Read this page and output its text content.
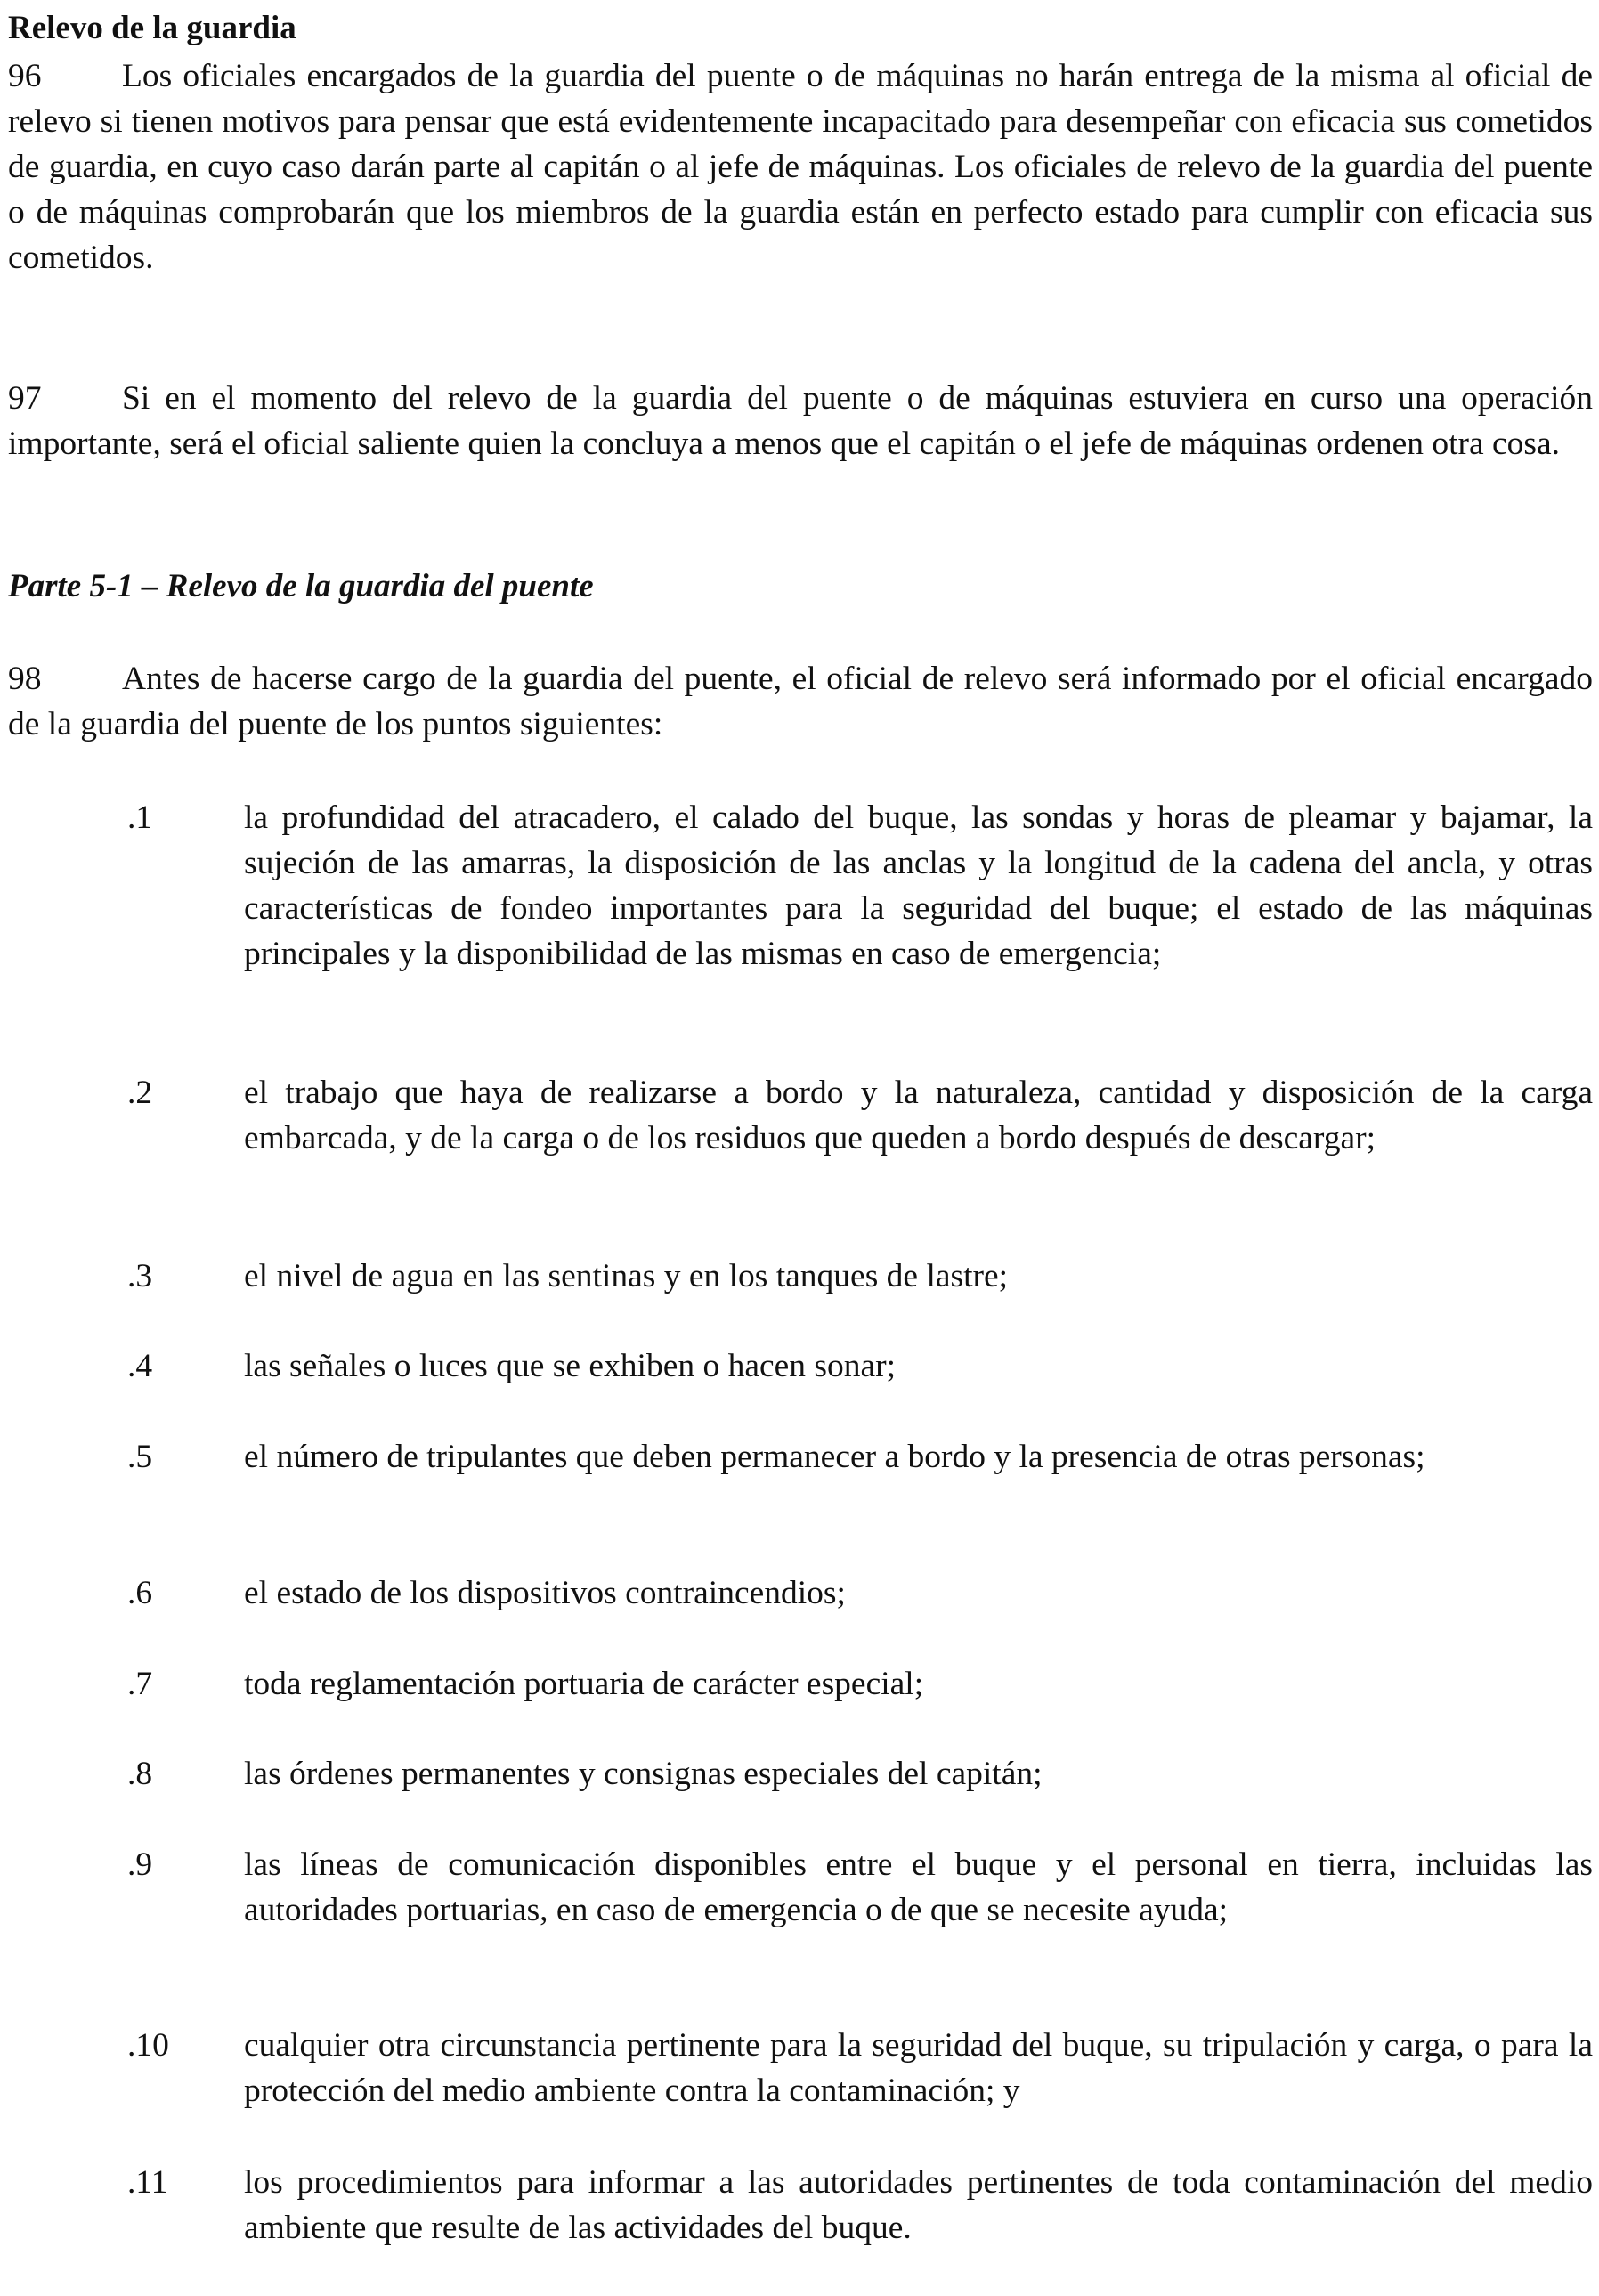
Relevo de la guardia

96 Los oficiales encargados de la guardia del puente o de máquinas no harán entrega de la misma al oficial de relevo si tienen motivos para pensar que está evidentemente incapacitado para desempeñar con eficacia sus cometidos de guardia, en cuyo caso darán parte al capitán o al jefe de máquinas. Los oficiales de relevo de la guardia del puente o de máquinas comprobarán que los miembros de la guardia están en perfecto estado para cumplir con eficacia sus cometidos.

97 Si en el momento del relevo de la guardia del puente o de máquinas estuviera en curso una operación importante, será el oficial saliente quien la concluya a menos que el capitán o el jefe de máquinas ordenen otra cosa.

Parte 5-1 – Relevo de la guardia del puente

98 Antes de hacerse cargo de la guardia del puente, el oficial de relevo será informado por el oficial encargado de la guardia del puente de los puntos siguientes:

.1	la profundidad del atracadero, el calado del buque, las sondas y horas de pleamar y bajamar, la sujeción de las amarras, la disposición de las anclas y la longitud de la cadena del ancla, y otras características de fondeo importantes para la seguridad del buque; el estado de las máquinas principales y la disponibilidad de las mismas en caso de emergencia;
.2	el trabajo que haya de realizarse a bordo y la naturaleza, cantidad y disposición de la carga embarcada, y de la carga o de los residuos que queden a bordo después de descargar;
.3	el nivel de agua en las sentinas y en los tanques de lastre;
.4	las señales o luces que se exhiben o hacen sonar;
.5	el número de tripulantes que deben permanecer a bordo y la presencia de otras personas;
.6	el estado de los dispositivos contraincendios;
.7	toda reglamentación portuaria de carácter especial;
.8	las órdenes permanentes y consignas especiales del capitán;
.9	las líneas de comunicación disponibles entre el buque y el personal en tierra, incluidas las autoridades portuarias, en caso de emergencia o de que se necesite ayuda;
.10 cualquier otra circunstancia pertinente para la seguridad del buque, su tripulación y carga, o para la protección del medio ambiente contra la contaminación; y
.11 los procedimientos para informar a las autoridades pertinentes de toda contaminación del medio ambiente que resulte de las actividades del buque.
